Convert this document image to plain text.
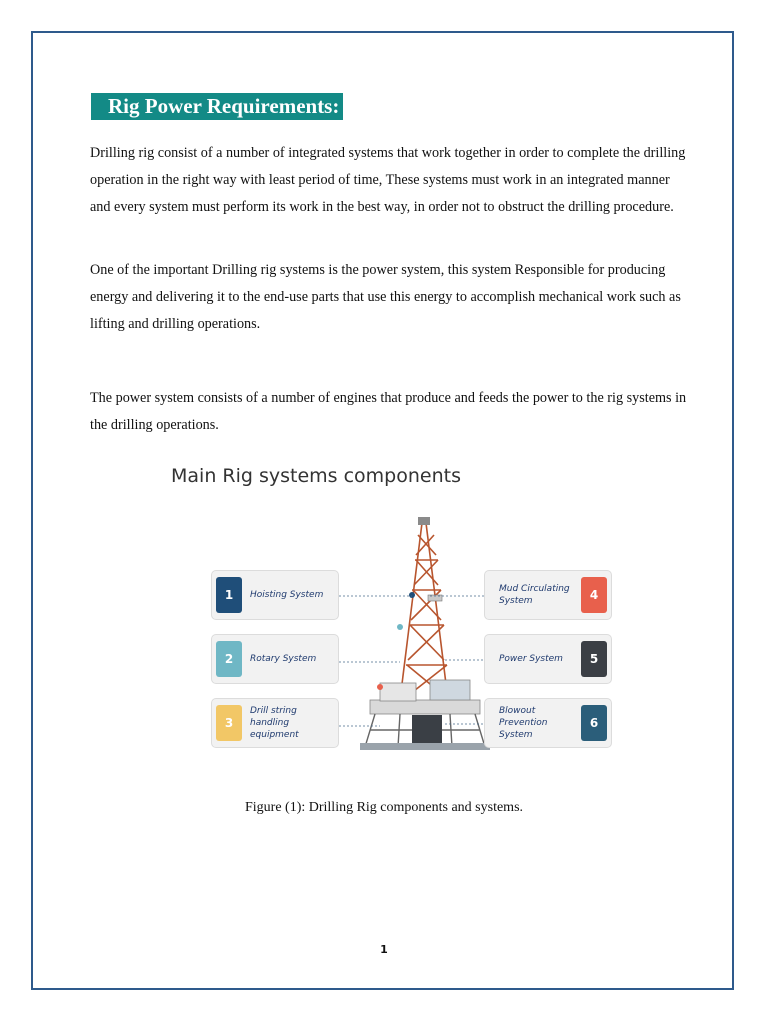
Rig Power Requirements:

Drilling rig consist of a number of integrated systems that work together in order to complete the drilling operation in the right way with least period of time, These systems must work in an integrated manner and every system must perform its work in the best way, in order not to obstruct the drilling procedure.

One of the important Drilling rig systems is the power system, this system Responsible for producing energy and delivering it to the end-use parts that use this energy to accomplish mechanical work such as lifting and drilling operations.

The power system consists of a number of engines that produce and feeds the power to the rig systems in the drilling operations.

Main Rig systems components
1	Hoisting System
2	Rotary System
3
Drill string handling equipment
4
Mud Circulating System
5
Power System
6
Blowout Prevention System
Figure (1): Drilling Rig components and systems.
1
